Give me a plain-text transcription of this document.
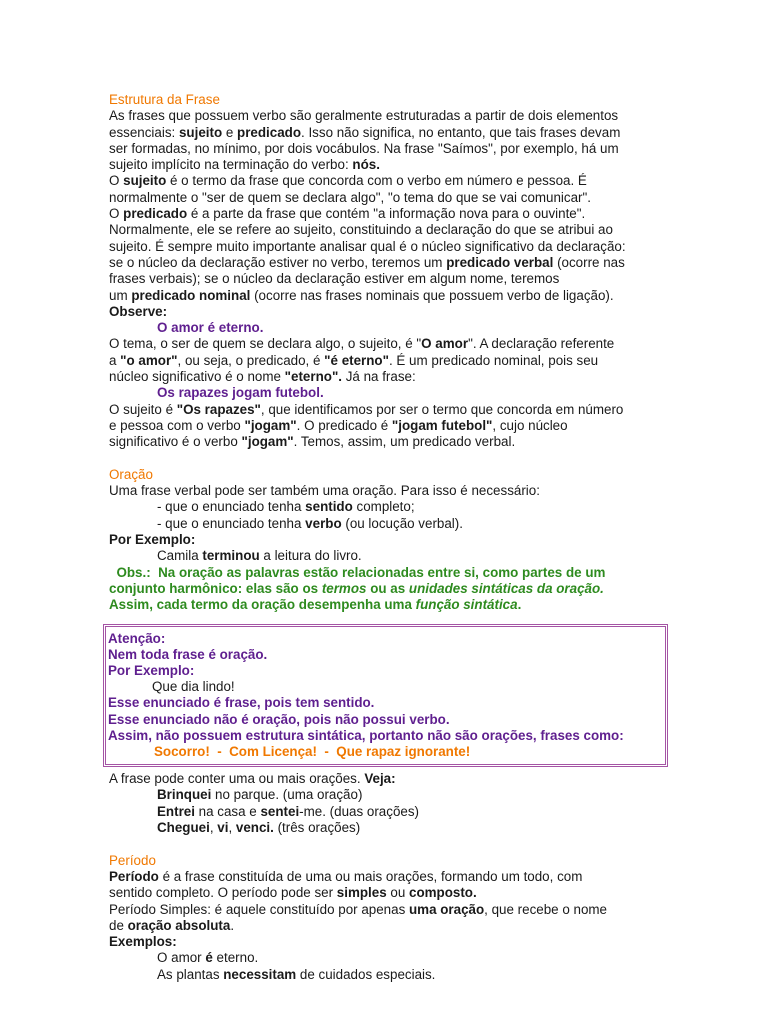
Estrutura da Frase
As frases que possuem verbo são geralmente estruturadas a partir de dois elementos
essenciais: sujeito e predicado. Isso não significa, no entanto, que tais frases devam
ser formadas, no mínimo, por dois vocábulos. Na frase "Saímos", por exemplo, há um
sujeito implícito na terminação do verbo: nós.
O sujeito é o termo da frase que concorda com o verbo em número e pessoa. É
normalmente o "ser de quem se declara algo", "o tema do que se vai comunicar".
O predicado é a parte da frase que contém "a informação nova para o ouvinte".
Normalmente, ele se refere ao sujeito, constituindo a declaração do que se atribui ao
sujeito. É sempre muito importante analisar qual é o núcleo significativo da declaração:
se o núcleo da declaração estiver no verbo, teremos um predicado verbal (ocorre nas
frases verbais); se o núcleo da declaração estiver em algum nome, teremos
um predicado nominal (ocorre nas frases nominais que possuem verbo de ligação).
Observe:
O amor é eterno.
O tema, o ser de quem se declara algo, o sujeito, é "O amor". A declaração referente
a "o amor", ou seja, o predicado, é "é eterno". É um predicado nominal, pois seu
núcleo significativo é o nome "eterno". Já na frase:
Os rapazes jogam futebol.
O sujeito é "Os rapazes", que identificamos por ser o termo que concorda em número
e pessoa com o verbo "jogam". O predicado é "jogam futebol", cujo núcleo
significativo é o verbo "jogam". Temos, assim, um predicado verbal.
Oração
Uma frase verbal pode ser também uma oração. Para isso é necessário:
- que o enunciado tenha sentido completo;
- que o enunciado tenha verbo (ou locução verbal).
Por Exemplo:
Camila terminou a leitura do livro.
Obs.:  Na oração as palavras estão relacionadas entre si, como partes de um
conjunto harmônico: elas são os termos ou as unidades sintáticas da oração.
Assim, cada termo da oração desempenha uma função sintática.
Atenção:
Nem toda frase é oração.
Por Exemplo:
Que dia lindo!
Esse enunciado é frase, pois tem sentido.
Esse enunciado não é oração, pois não possui verbo.
Assim, não possuem estrutura sintática, portanto não são orações, frases como:
Socorro!  -  Com Licença!  -  Que rapaz ignorante!
A frase pode conter uma ou mais orações. Veja:
Brinquei no parque. (uma oração)
Entrei na casa e sentei-me. (duas orações)
Cheguei, vi, venci. (três orações)
Período
Período é a frase constituída de uma ou mais orações, formando um todo, com
sentido completo. O período pode ser simples ou composto.
Período Simples: é aquele constituído por apenas uma oração, que recebe o nome
de oração absoluta.
Exemplos:
O amor é eterno.
As plantas necessitam de cuidados especiais.
